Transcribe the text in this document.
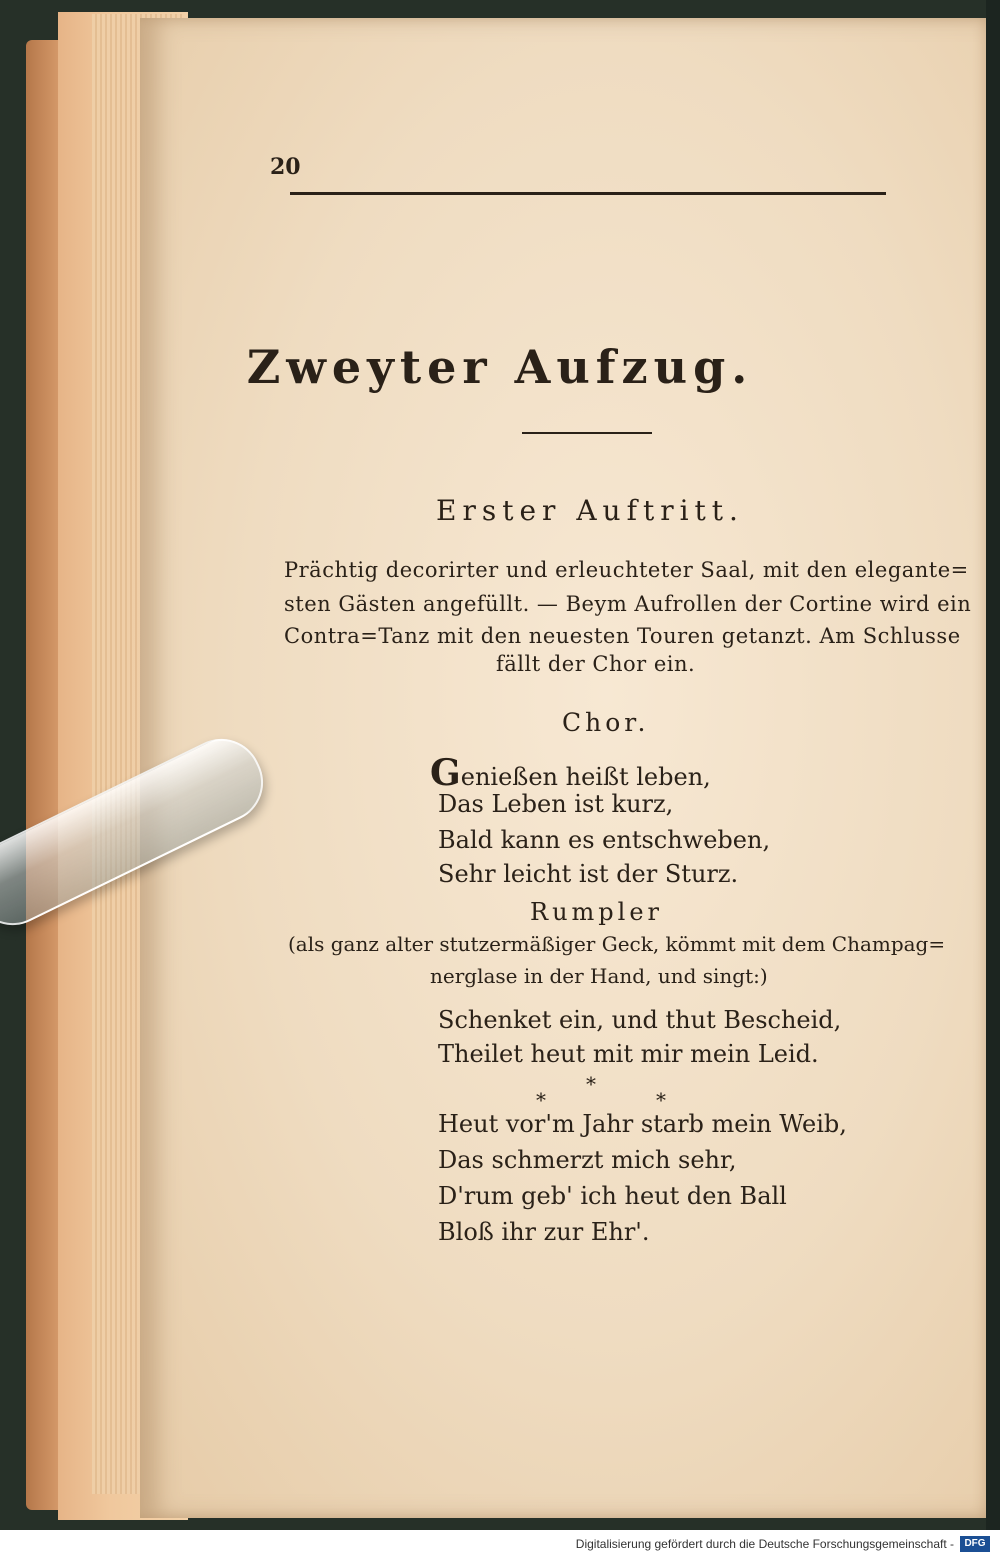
20
Zweyter Aufzug.
Erster Auftritt.
Prächtig decorirter und erleuchteter Saal, mit den elegante=
sten Gästen angefüllt. — Beym Aufrollen der Cortine wird ein
Contra=Tanz mit den neuesten Touren getanzt. Am Schlusse
fällt der Chor ein.
Chor.
Genießen heißt leben,
Das Leben ist kurz,
Bald kann es entschweben,
Sehr leicht ist der Sturz.
Rumpler
(als ganz alter stutzermäßiger Geck, kömmt mit dem Champag=
nerglase in der Hand, und singt:)
Schenket ein, und thut Bescheid,
Theilet heut mit mir mein Leid.
*
*	*
Heut vor'm Jahr starb mein Weib,
Das schmerzt mich sehr,
D'rum geb' ich heut den Ball
Bloß ihr zur Ehr'.
Digitalisierung gefördert durch die Deutsche Forschungsgemeinschaft -	DFG
